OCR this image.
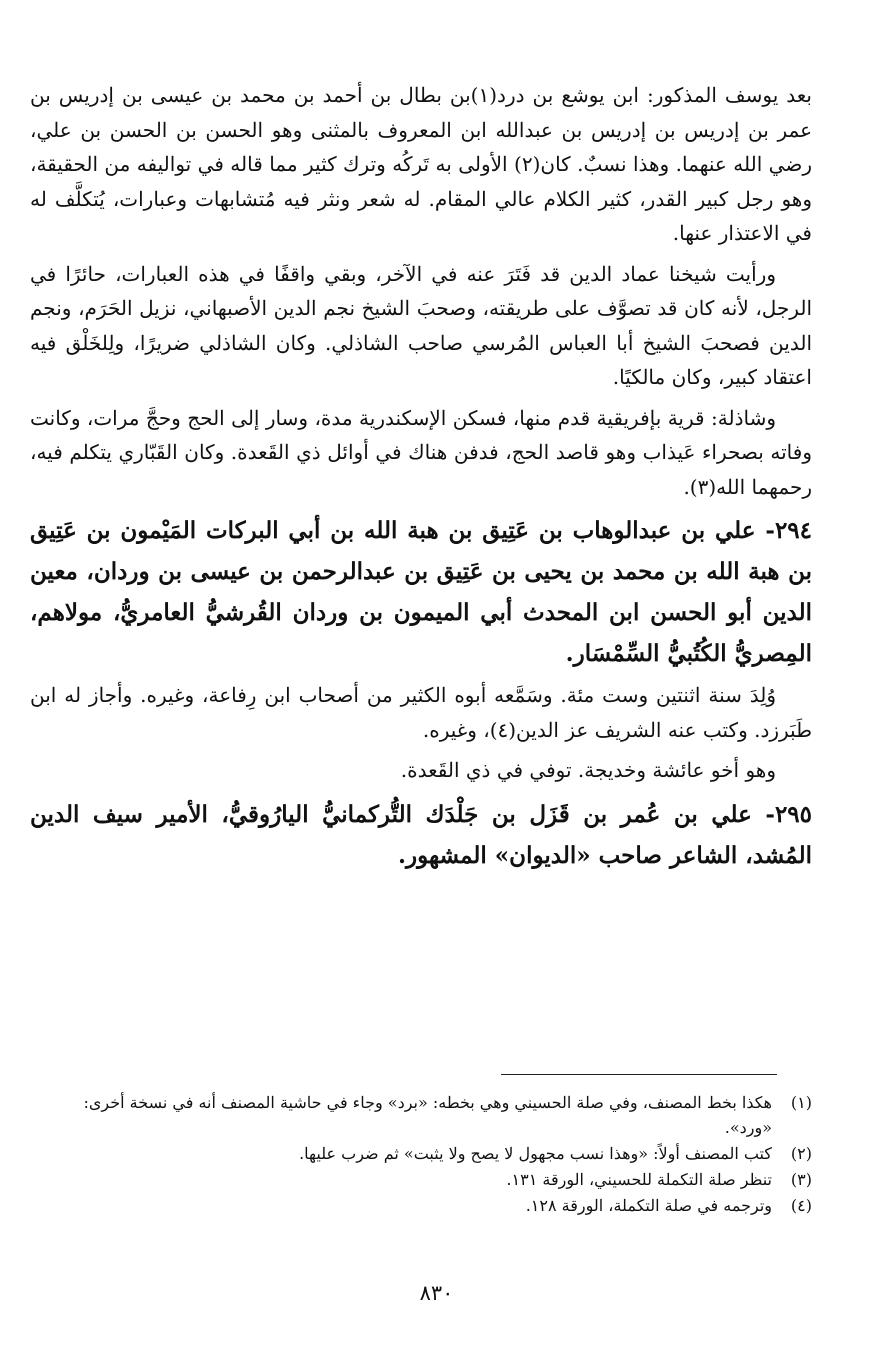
بعد يوسف المذكور: ابن يوشع بن درد(١)بن بطال بن أحمد بن محمد بن عيسى بن إدريس بن عمر بن إدريس بن إدريس بن عبدالله ابن المعروف بالمثنى وهو الحسن بن الحسن بن علي، رضي الله عنهما. وهذا نسبٌ. كان(٢) الأولى به تَركُه وترك كثير مما قاله في تواليفه من الحقيقة، وهو رجل كبير القدر، كثير الكلام عالي المقام. له شعر ونثر فيه مُتشابهات وعبارات، يُتكلَّف له في الاعتذار عنها.

ورأيت شيخنا عماد الدين قد فَتَرَ عنه في الآخر، وبقي واقفًا في هذه العبارات، حائرًا في الرجل، لأنه كان قد تصوَّف على طريقته، وصحبَ الشيخ نجم الدين الأصبهاني، نزيل الحَرَم، ونجم الدين فصحبَ الشيخ أبا العباس المُرسي صاحب الشاذلي. وكان الشاذلي ضريرًا، ولِلخَلْق فيه اعتقاد كبير، وكان مالكيًا.

وشاذلة: قرية بإفريقية قدم منها، فسكن الإسكندرية مدة، وسار إلى الحج وحجَّ مرات، وكانت وفاته بصحراء عَيذاب وهو قاصد الحج، فدفن هناك في أوائل ذي القَعدة. وكان القَبّاري يتكلم فيه، رحمهما الله(٣).

٢٩٤- علي بن عبدالوهاب بن عَتِيق بن هبة الله بن أبي البركات المَيْمون بن عَتِيق بن هبة الله بن محمد بن يحيى بن عَتِيق بن عبدالرحمن بن عيسى بن وردان، معين الدين أبو الحسن ابن المحدث أبي الميمون بن وردان القُرشيُّ العامريُّ، مولاهم، المِصريُّ الكُتُبيُّ السِّمْسَار.

وُلِدَ سنة اثنتين وست مئة. وسَمَّعه أبوه الكثير من أصحاب ابن رِفاعة، وغيره. وأجاز له ابن طَبَرزد. وكتب عنه الشريف عز الدين(٤)، وغيره.

وهو أخو عائشة وخديجة. توفي في ذي القَعدة.

٢٩٥- علي بن عُمر بن قَزَل بن جَلْدَك التُّركمانيُّ اليارُوقيُّ، الأمير سيف الدين المُشد، الشاعر صاحب «الديوان» المشهور.

(١)
هكذا بخط المصنف، وفي صلة الحسيني وهي بخطه: «برد» وجاء في حاشية المصنف أنه في نسخة أخرى: «ورد».
(٢)
كتب المصنف أولاً: «وهذا نسب مجهول لا يصح ولا يثبت» ثم ضرب عليها.
(٣)
تنظر صلة التكملة للحسيني، الورقة ١٣١.
(٤)
وترجمه في صلة التكملة، الورقة ١٢٨.
٨٣٠
